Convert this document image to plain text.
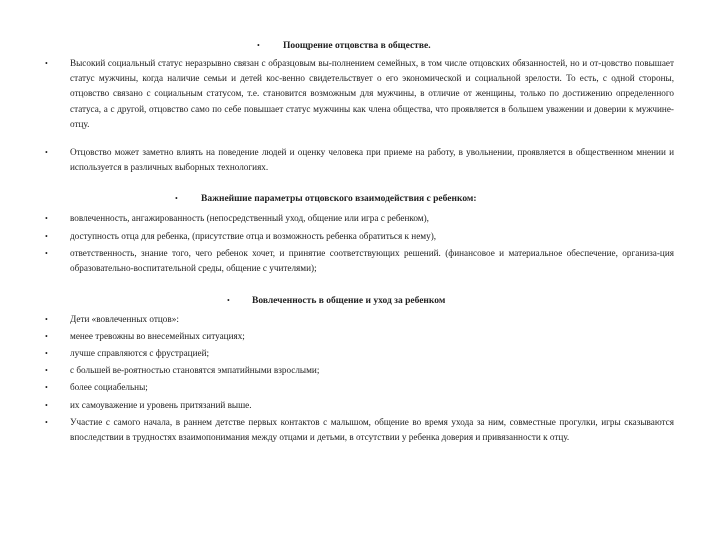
• Поощрение отцовства в обществе.
• Высокий социальный статус неразрывно связан с образцовым вы-полнением семейных, в том числе отцовских обязанностей, но и от-цовство повышает статус мужчины, когда наличие семьи и детей кос-венно свидетельствует о его экономической и социальной зрелости. То есть, с одной стороны, отцовство связано с социальным статусом, т.е. становится возможным для мужчины, в отличие от женщины, только по достижению определенного статуса, а с другой, отцовство само по себе повышает статус мужчины как члена общества, что проявляется в большем уважении и доверии к мужчине-отцу.
• Отцовство может заметно влиять на поведение людей и оценку человека при приеме на работу, в увольнении, проявляется в общественном мнении и используется в различных выборных технологиях.
• Важнейшие параметры отцовского взаимодействия с ребенком:
• вовлеченность, ангажированность (непосредственный уход, общение или игра с ребенком),
• доступность отца для ребенка, (присутствие отца и возможность ребенка обратиться к нему),
• ответственность, знание того, чего ребенок хочет, и принятие соответствующих решений. (финансовое и материальное обеспечение, организа-ция образовательно-воспитательной среды, общение с учителями);
• Вовлеченность в общение и уход за ребенком
• Дети «вовлеченных отцов»:
• менее тревожны во внесемейных ситуациях;
• лучше справляются с фрустрацией;
• с большей ве-роятностью становятся эмпатийными взрослыми;
• более социабельны;
• их самоуважение и уровень притязаний выше.
• Участие с самого начала, в раннем детстве первых контактов с малышом, общение во время ухода за ним, совместные прогулки, игры сказываются впоследствии в трудностях взаимопонимания между отцами и детьми, в отсутствии у ребенка доверия и привязанности к отцу.
